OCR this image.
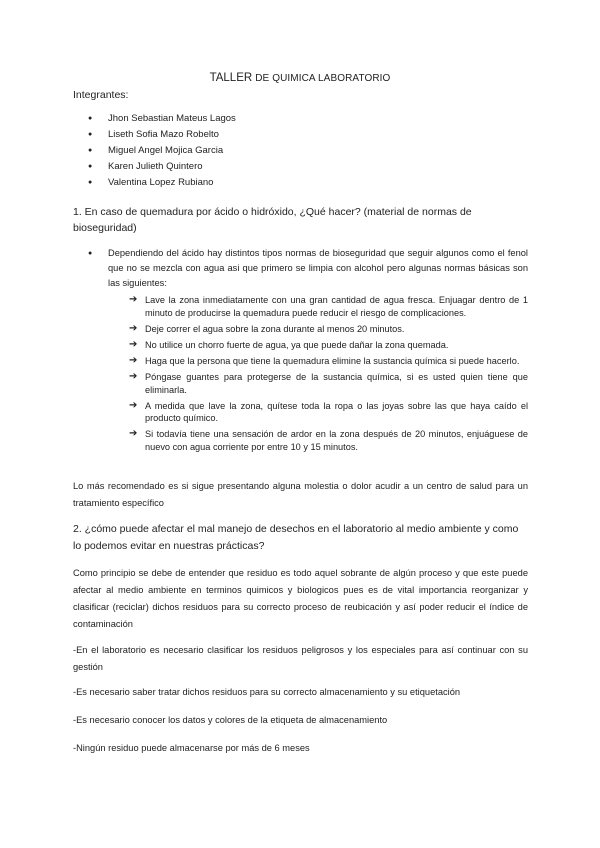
TALLER DE QUIMICA LABORATORIO
Integrantes:
● Jhon Sebastian Mateus Lagos
● Liseth Sofia Mazo Robelto
● Miguel Angel Mojica Garcia
● Karen Julieth Quintero
● Valentina Lopez Rubiano
1. En caso de quemadura por ácido o hidróxido, ¿Qué hacer? (material de normas de bioseguridad)
● Dependiendo del ácido hay distintos tipos normas de bioseguridad que seguir algunos como el fenol que no se mezcla con agua asi que primero se limpia con alcohol pero algunas normas básicas son las siguientes:
➔ Lave la zona inmediatamente con una gran cantidad de agua fresca. Enjuagar dentro de 1 minuto de producirse la quemadura puede reducir el riesgo de complicaciones.
➔ Deje correr el agua sobre la zona durante al menos 20 minutos.
➔ No utilice un chorro fuerte de agua, ya que puede dañar la zona quemada.
➔ Haga que la persona que tiene la quemadura elimine la sustancia química si puede hacerlo.
➔ Póngase guantes para protegerse de la sustancia química, si es usted quien tiene que eliminarla.
➔ A medida que lave la zona, quítese toda la ropa o las joyas sobre las que haya caído el producto químico.
➔ Si todavía tiene una sensación de ardor en la zona después de 20 minutos, enjuáguese de nuevo con agua corriente por entre 10 y 15 minutos.
Lo más recomendado es si sigue presentando alguna molestia o dolor acudir a un centro de salud para un tratamiento específico
2. ¿cómo puede afectar el mal manejo de desechos en el laboratorio al medio ambiente y como lo podemos evitar en nuestras prácticas?
Como principio se debe de entender que residuo es todo aquel sobrante de algún proceso y que este puede afectar al medio ambiente en terminos quimicos y biologicos pues es de vital importancia reorganizar y clasificar (reciclar) dichos residuos para su correcto proceso de reubicación y así poder reducir el índice de contaminación
-En el laboratorio es necesario clasificar los residuos peligrosos y los especiales para así continuar con su gestión
-Es necesario saber tratar dichos residuos para su correcto almacenamiento y su etiquetación
-Es necesario conocer los datos y colores de la etiqueta de almacenamiento
-Ningún residuo puede almacenarse por más de 6 meses
